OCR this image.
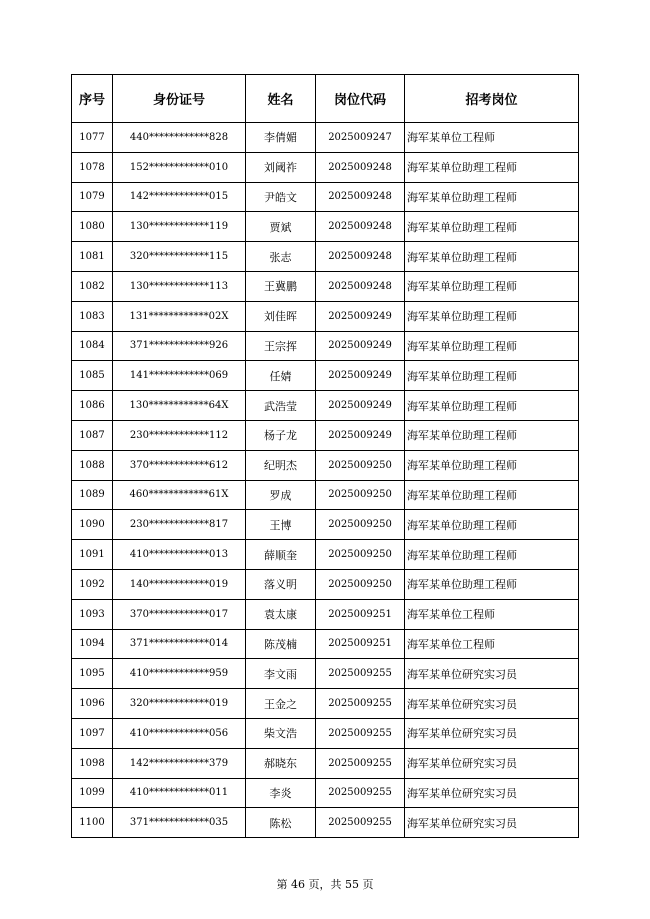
序号	身份证号	姓名	岗位代码	招考岗位
1077	440************828	李倩媚	2025009247	海军某单位工程师
1078	152************010	刘阈祚	2025009248	海军某单位助理工程师
1079	142************015	尹皓文	2025009248	海军某单位助理工程师
1080	130************119	贾斌	2025009248	海军某单位助理工程师
1081	320************115	张志	2025009248	海军某单位助理工程师
1082	130************113	王冀鹏	2025009248	海军某单位助理工程师
1083	131************02X	刘佳晖	2025009249	海军某单位助理工程师
1084	371************926	王宗挥	2025009249	海军某单位助理工程师
1085	141************069	任婧	2025009249	海军某单位助理工程师
1086	130************64X	武浩莹	2025009249	海军某单位助理工程师
1087	230************112	杨子龙	2025009249	海军某单位助理工程师
1088	370************612	纪明杰	2025009250	海军某单位助理工程师
1089	460************61X	罗成	2025009250	海军某单位助理工程师
1090	230************817	王博	2025009250	海军某单位助理工程师
1091	410************013	薛顺奎	2025009250	海军某单位助理工程师
1092	140************019	落义明	2025009250	海军某单位助理工程师
1093	370************017	袁太康	2025009251	海军某单位工程师
1094	371************014	陈茂楠	2025009251	海军某单位工程师
1095	410************959	李文雨	2025009255	海军某单位研究实习员
1096	320************019	王金之	2025009255	海军某单位研究实习员
1097	410************056	柴文浩	2025009255	海军某单位研究实习员
1098	142************379	郝晓东	2025009255	海军某单位研究实习员
1099	410************011	李炎	2025009255	海军某单位研究实习员
1100	371************035	陈松	2025009255	海军某单位研究实习员
第 46 页，共 55 页
